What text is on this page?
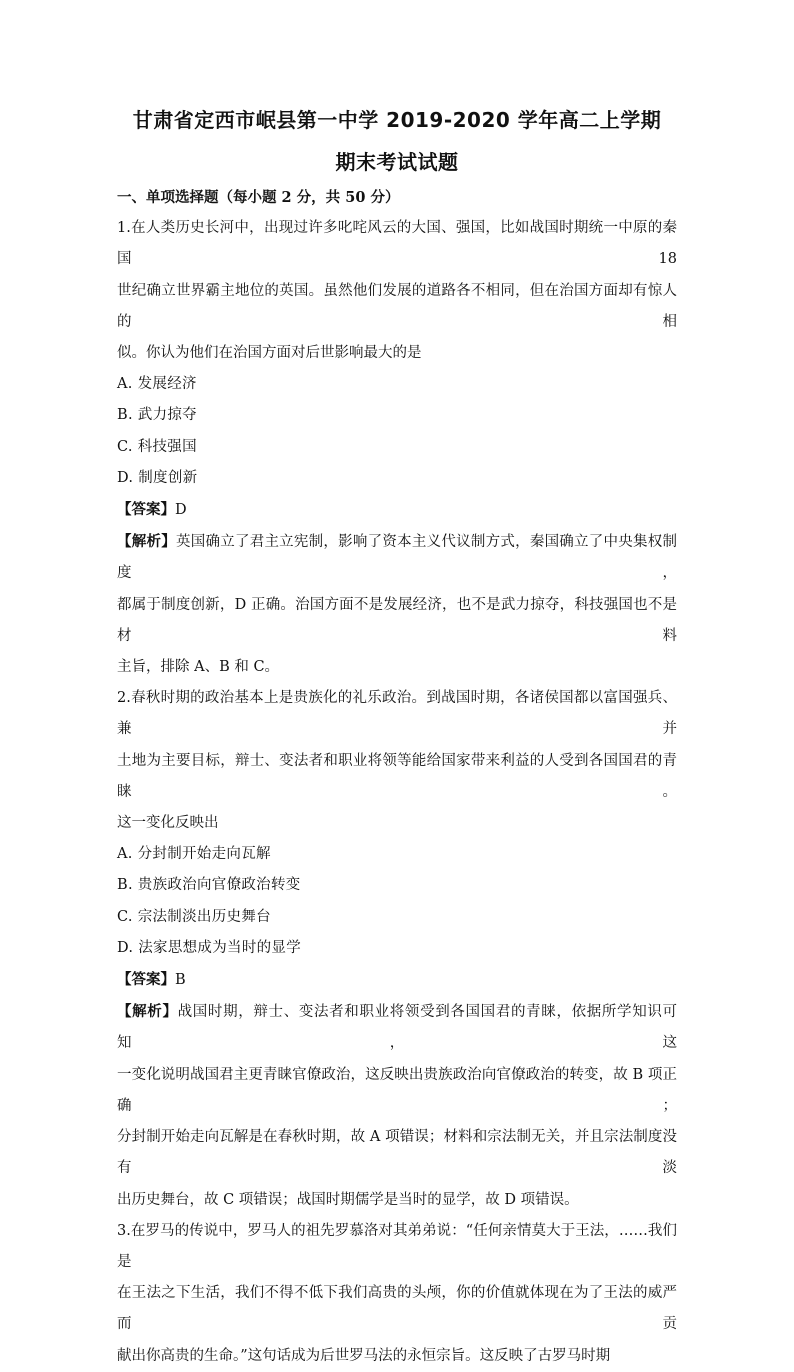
甘肃省定西市岷县第一中学 2019-2020 学年高二上学期
期末考试试题
一、单项选择题（每小题 2 分，共 50 分）
1.在人类历史长河中，出现过许多叱咤风云的大国、强国，比如战国时期统一中原的秦国 18
世纪确立世界霸主地位的英国。虽然他们发展的道路各不相同，但在治国方面却有惊人的相
似。你认为他们在治国方面对后世影响最大的是
A. 发展经济
B. 武力掠夺
C. 科技强国
D. 制度创新
【答案】D
【解析】英国确立了君主立宪制，影响了资本主义代议制方式，秦国确立了中央集权制度，
都属于制度创新，D 正确。治国方面不是发展经济，也不是武力掠夺，科技强国也不是材料
主旨，排除 A、B 和 C。
2.春秋时期的政治基本上是贵族化的礼乐政治。到战国时期，各诸侯国都以富国强兵、兼并
土地为主要目标，辩士、变法者和职业将领等能给国家带来利益的人受到各国国君的青睐。
这一变化反映出
A. 分封制开始走向瓦解
B. 贵族政治向官僚政治转变
C. 宗法制淡出历史舞台
D. 法家思想成为当时的显学
【答案】B
【解析】战国时期，辩士、变法者和职业将领受到各国国君的青睐，依据所学知识可知，这
一变化说明战国君主更青睐官僚政治，这反映出贵族政治向官僚政治的转变，故 B 项正确；
分封制开始走向瓦解是在春秋时期，故 A 项错误；材料和宗法制无关，并且宗法制度没有淡
出历史舞台，故 C 项错误；战国时期儒学是当时的显学，故 D 项错误。
3.在罗马的传说中，罗马人的祖先罗慕洛对其弟弟说：“任何亲情莫大于王法，……我们是
在王法之下生活，我们不得不低下我们高贵的头颅，你的价值就体现在为了王法的威严而贡
献出你高贵的生命。”这句话成为后世罗马法的永恒宗旨。这反映了古罗马时期
